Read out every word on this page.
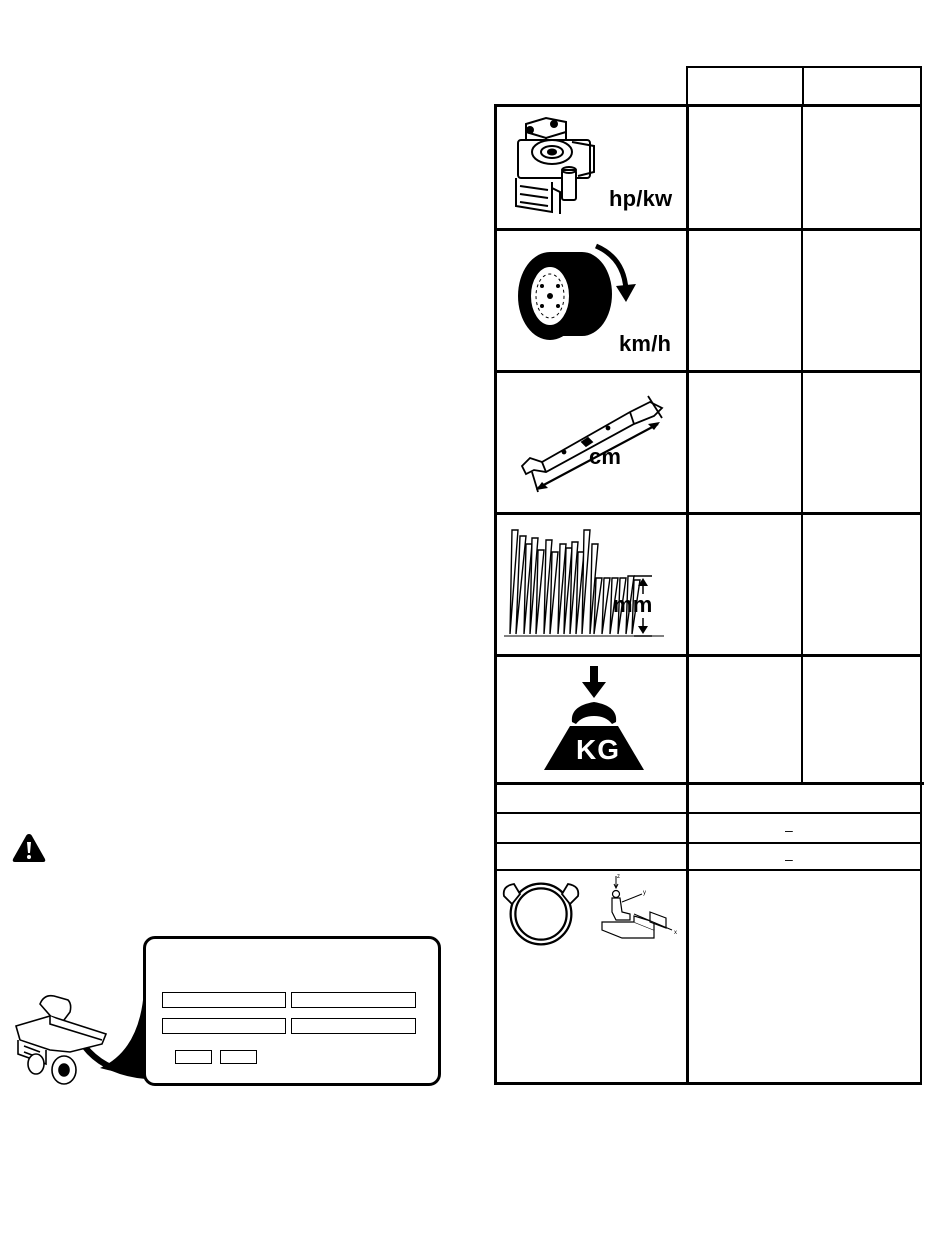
–
–
hp/kw
km/h
cm
mm
KG
z
y
x
